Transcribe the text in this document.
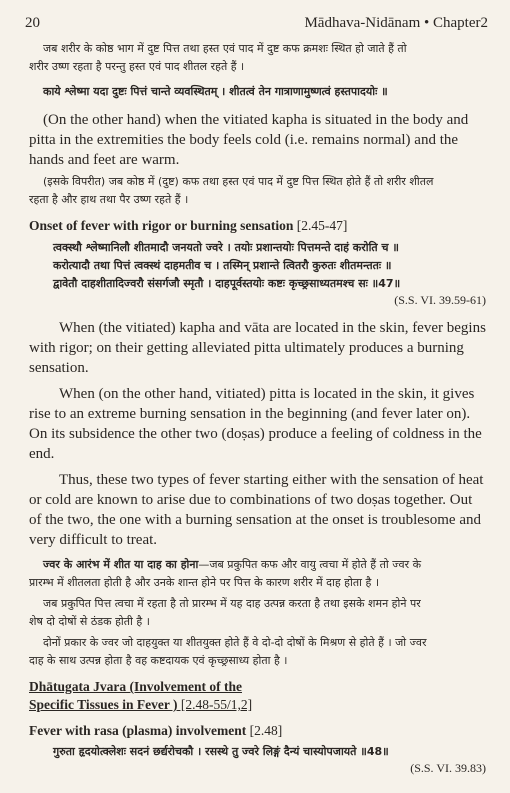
20	Mādhava-Nidānam • Chapter2

जब शरीर के कोष्ठ भाग में दुष्ट पित्त तथा हस्त एवं पाद में दुष्ट कफ क्रमशः स्थित हो जाते हैं तो
शरीर उष्ण रहता है परन्तु हस्त एवं पाद शीतल रहते हैं ।

काये श्लेष्मा यदा दुष्टः पित्तं चान्ते व्यवस्थितम् । शीतत्वं तेन गात्राणामुष्णत्वं हस्तपादयोः ॥

(On the other hand) when the vitiated kapha is situated in the body and pitta in the extremities the body feels cold (i.e. remains normal) and the hands and feet are warm.

(इसके विपरीत) जब कोष्ठ में (दुष्ट) कफ तथा हस्त एवं पाद में दुष्ट पित्त स्थित होते हैं तो शरीर शीतल
रहता है और हाथ तथा पैर उष्ण रहते हैं ।

Onset of fever with rigor or burning sensation [2.45-47]

त्वक्स्थौ श्लेष्मानिलौ शीतमादौ जनयतो ज्वरे । तयोः प्रशान्तयोः पित्तमन्ते दाहं करोति च ॥
करोत्यादौ तथा पित्तं त्वक्स्थं दाहमतीव च । तस्मिन् प्रशान्ते त्वितरौ कुरुतः शीतमन्ततः ॥
द्वावेतौ दाहशीतादिज्वरौ संसर्गजौ स्मृतौ । दाहपूर्वस्तयोः कष्टः कृच्छ्रसाध्यतमश्च सः ॥47॥

(S.S. VI. 39.59-61)

When (the vitiated) kapha and vāta are located in the skin, fever begins with rigor; on their getting alleviated pitta ultimately produces a burning sensation.

When (on the other hand, vitiated) pitta is located in the skin, it gives rise to an extreme burning sensation in the beginning (and fever later on). On its subsidence the other two (doṣas) produce a feeling of coldness in the end.

Thus, these two types of fever starting either with the sensation of heat or cold are known to arise due to combinations of two doṣas together. Out of the two, the one with a burning sensation at the onset is troublesome and very difficult to treat.

ज्वर के आरंभ में शीत या दाह का होना—जब प्रकुपित कफ और वायु त्वचा में होते हैं तो ज्वर के
प्रारम्भ में शीतलता होती है और उनके शान्त होने पर पित्त के कारण शरीर में दाह होता है ।

जब प्रकुपित पित्त त्वचा में रहता है तो प्रारम्भ में यह दाह उत्पन्न करता है तथा इसके शमन होने पर
शेष दो दोषों से ठंडक होती है ।

दोनों प्रकार के ज्वर जो दाहयुक्त या शीतयुक्त होते हैं वे दो-दो दोषों के मिश्रण से होते हैं । जो ज्वर
दाह के साथ उत्पन्न होता है वह कष्टदायक एवं कृच्छ्रसाध्य होता है ।

Dhātugata Jvara (Involvement of the
Specific Tissues in Fever ) [2.48-55/1,2]

Fever with rasa (plasma) involvement [2.48]

गुरुता हृदयोत्क्लेशः सदनं छर्द्यरोचकौ । रसस्थे तु ज्वरे लिङ्गं दैन्यं चास्योपजायते ॥48॥

(S.S. VI. 39.83)
